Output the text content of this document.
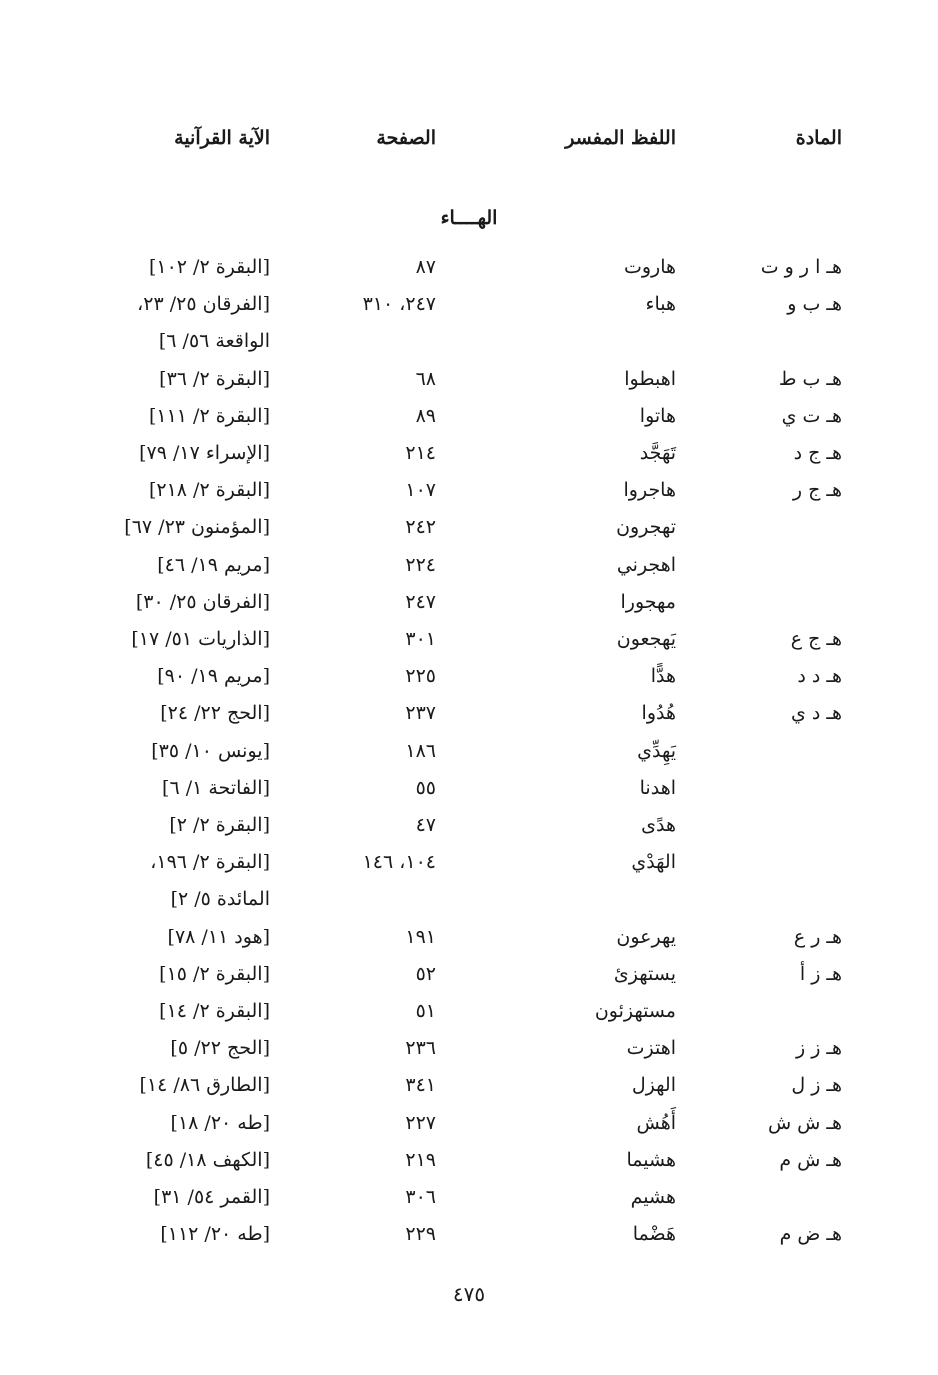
المادة
اللفظ المفسر
الصفحة
الآية القرآنية
الهــــاء
هـ ا ر و ت
هاروت
٨٧
[البقرة ٢/ ١٠٢]
هـ ب و
هباء
٢٤٧، ٣١٠
[الفرقان ٢٥/ ٢٣،
الواقعة ٥٦/ ٦]
هـ ب ط
اهبطوا
٦٨
[البقرة ٢/ ٣٦]
هـ ت ي
هاتوا
٨٩
[البقرة ٢/ ١١١]
هـ ج د
تَهَجَّد
٢١٤
[الإسراء ١٧/ ٧٩]
هـ ج ر
هاجروا
١٠٧
[البقرة ٢/ ٢١٨]
تهجرون
٢٤٢
[المؤمنون ٢٣/ ٦٧]
اهجرني
٢٢٤
[مريم ١٩/ ٤٦]
مهجورا
٢٤٧
[الفرقان ٢٥/ ٣٠]
هـ ج ع
يَهجعون
٣٠١
[الذاريات ٥١/ ١٧]
هـ د د
هدًّا
٢٢٥
[مريم ١٩/ ٩٠]
هـ د ي
هُدُوا
٢٣٧
[الحج ٢٢/ ٢٤]
يَهِدِّي
١٨٦
[يونس ١٠/ ٣٥]
اهدنا
٥٥
[الفاتحة ١/ ٦]
هدًى
٤٧
[البقرة ٢/ ٢]
الهَدْي
١٠٤، ١٤٦
[البقرة ٢/ ١٩٦،
المائدة ٥/ ٢]
هـ ر ع
يهرعون
١٩١
[هود ١١/ ٧٨]
هـ ز أ
يستهزئ
٥٢
[البقرة ٢/ ١٥]
مستهزئون
٥١
[البقرة ٢/ ١٤]
هـ ز ز
اهتزت
٢٣٦
[الحج ٢٢/ ٥]
هـ ز ل
الهزل
٣٤١
[الطارق ٨٦/ ١٤]
هـ ش ش
أَهُش
٢٢٧
[طه ٢٠/ ١٨]
هـ ش م
هشيما
٢١٩
[الكهف ١٨/ ٤٥]
هشيم
٣٠٦
[القمر ٥٤/ ٣١]
هـ ض م
هَضْما
٢٢٩
[طه ٢٠/ ١١٢]
٤٧٥
